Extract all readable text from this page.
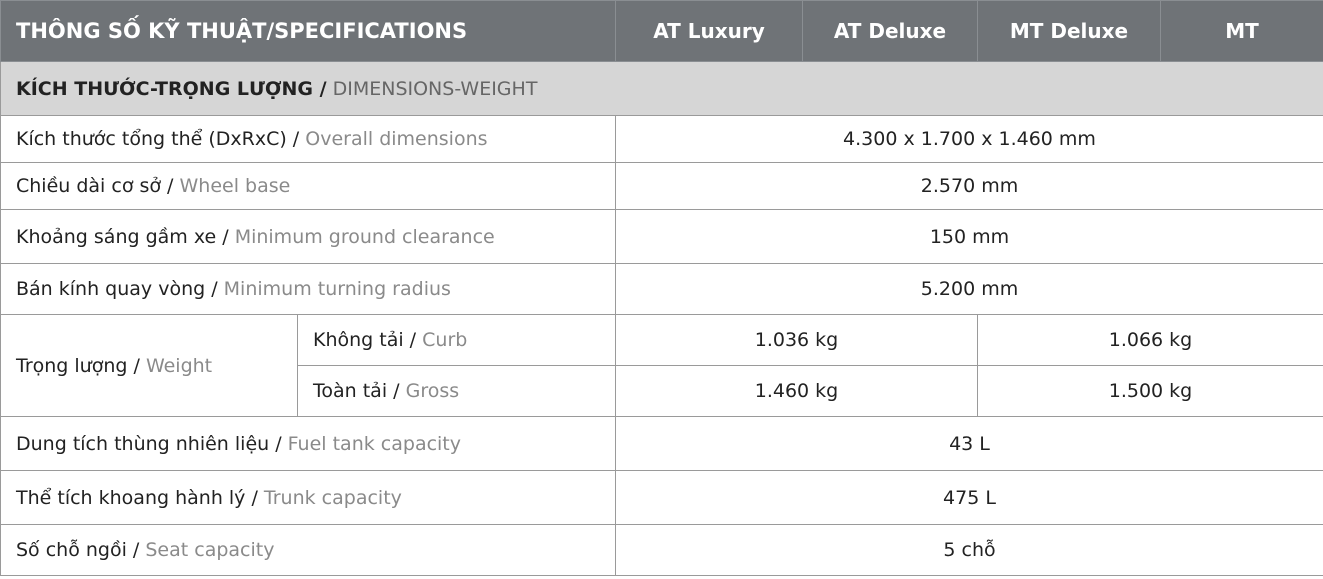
THÔNG SỐ KỸ THUẬT/SPECIFICATIONS		AT Luxury	AT Deluxe	MT Deluxe	MT
KÍCH THƯỚC-TRỌNG LƯỢNG / DIMENSIONS-WEIGHT					
Kích thước tổng thể (DxRxC) / Overall dimensions		4.300 x 1.700 x 1.460 mm			
Chiều dài cơ sở / Wheel base		2.570 mm			
Khoảng sáng gầm xe / Minimum ground clearance		150 mm			
Bán kính quay vòng / Minimum turning radius		5.200 mm			
Trọng lượng / Weight	Không tải / Curb	1.036 kg		1.066 kg	
	Toàn tải / Gross	1.460 kg		1.500 kg	
Dung tích thùng nhiên liệu / Fuel tank capacity		43 L			
Thể tích khoang hành lý / Trunk capacity		475 L			
Số chỗ ngồi / Seat capacity		5 chỗ			
